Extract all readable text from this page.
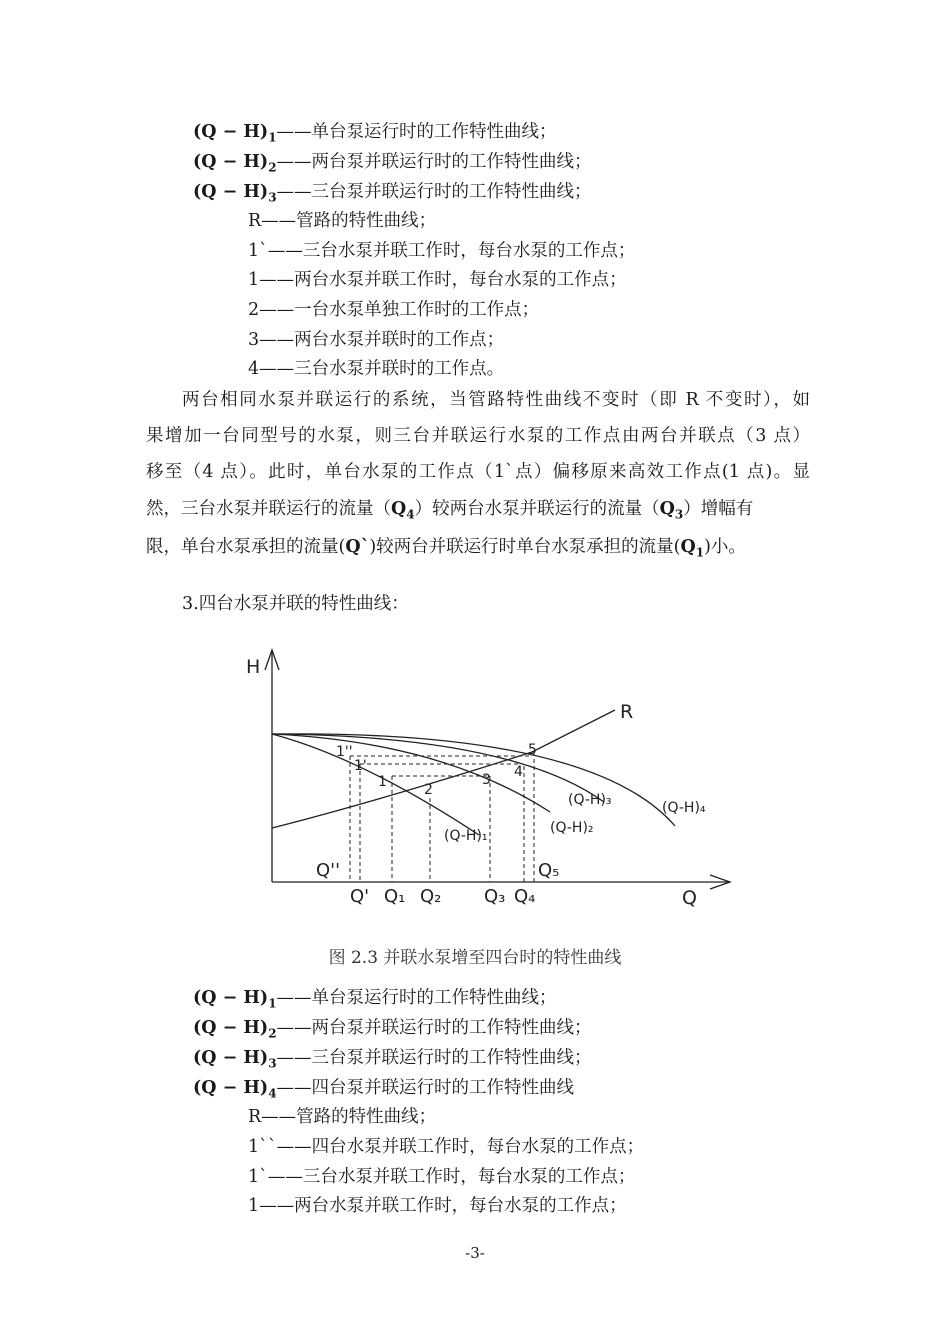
$(Q - H)_1——$单台泵运行时的工作特性曲线；
$(Q - H)_2——$两台泵并联运行时的工作特性曲线；
$(Q - H)_3——$三台泵并联运行时的工作特性曲线；
R——管路的特性曲线；
1`——三台水泵并联工作时，每台水泵的工作点；
1——两台水泵并联工作时，每台水泵的工作点；
2——一台水泵单独工作时的工作点；
3——两台水泵并联时的工作点；
4——三台水泵并联时的工作点。
两台相同水泵并联运行的系统，当管路特性曲线不变时（即 R 不变时），如
果增加一台同型号的水泵，则三台并联运行水泵的工作点由两台并联点（3 点）
移至（4 点）。此时，单台水泵的工作点（1`点）偏移原来高效工作点(1 点)。显
然，三台水泵并联运行的流量$(Q_4)$较两台水泵并联运行的流量$(Q_3)$增幅有
限，单台水泵承担的流量(Q`)较两台并联运行时单台水泵承担的流量$(Q_1)$小。
3.四台水泵并联的特性曲线：
H
Q
R
(Q-H)₁	(Q-H)₂
(Q-H)₃	(Q-H)₄
1''
1'
1	2
3 4
5
Q''
Q' Q₁ Q₂ Q₃ Q₄
Q₅
图 2.3 并联水泵增至四台时的特性曲线
$(Q - H)_1——$单台泵运行时的工作特性曲线；
$(Q - H)_2——$两台泵并联运行时的工作特性曲线；
$(Q - H)_3——$三台泵并联运行时的工作特性曲线；
$(Q - H)_4——$四台泵并联运行时的工作特性曲线
R——管路的特性曲线；
1``——四台水泵并联工作时，每台水泵的工作点；
1`——三台水泵并联工作时，每台水泵的工作点；
1——两台水泵并联工作时，每台水泵的工作点；
-3-
